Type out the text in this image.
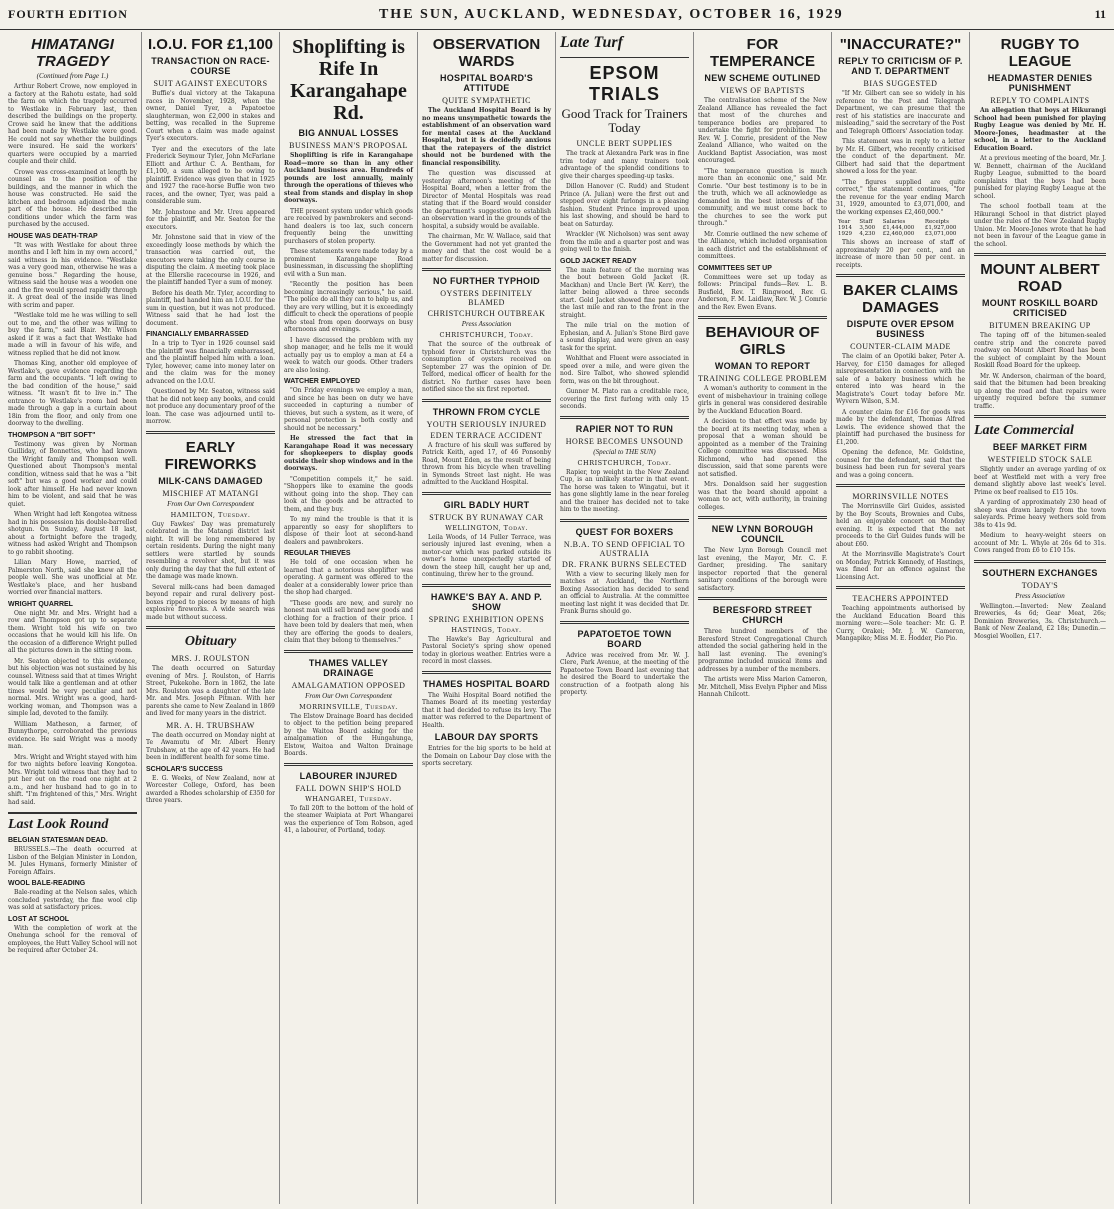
FOURTH EDITION	THE SUN, AUCKLAND, WEDNESDAY, OCTOBER 16, 1929	11
HIMATANGI TRAGEDY
(Continued from Page 1.)

Arthur Robert Crowe, now employed in a factory at the Rahotu estate, had sold the farm on which the tragedy occurred to Westlake in February last, then described the buildings on the property. Crowe said he knew that the additions had been made by Westlake were good. He could not say whether the buildings were insured. He said the workers' quarters were occupied by a married couple and their child.

Crowe was cross-examined at length by counsel as to the position of the buildings, and the manner in which the house was constructed. He said the kitchen and bedroom adjoined the main part of the house. He described the conditions under which the farm was purchased by the accused.

HOUSE WAS DEATH-TRAP

"It was with Westlake for about three months and I left him in my own accord," said witness in his evidence. "Westlake was a very good man, otherwise he was a genuine boss." Regarding the house, witness said the house was a wooden one and the fire would spread rapidly through it. A great deal of the inside was lined with scrim and paper.

"Westlake told me he was willing to sell out to me, and the other was willing to buy the farm," said Blair. Mr. Wilson asked if it was a fact that Westlake had made a will in favour of his wife, and witness replied that he did not know.

Thomas King, another old employee of Westlake's, gave evidence regarding the farm and the occupants. "I left owing to the bad condition of the house," said witness. "It wasn't fit to live in." The entrance to Westlake's room had been made through a gap in a curtain about 18in from the floor, and only from one doorway to the dwelling.

THOMPSON A "BIT SOFT"

Testimony was given by Norman Guilliday, of Bonnettes, who had known the Wright family and Thompson well. Questioned about Thompson's mental condition, witness said that he was a "bit soft" but was a good worker and could look after himself. He had never known him to be violent, and said that he was quiet.

When Wright had left Kongotea witness had in his possession his double-barrelled shotgun. On Sunday, August 18 last, about a fortnight before the tragedy, witness had asked Wright and Thompson to go rabbit shooting.

Lilian Mary Howe, married, of Palmerston North, said she knew all the people well. She was unofficial at Mr. Westlake's place, and her husband worried over financial matters.

WRIGHT QUARREL

One night Mr. and Mrs. Wright had a row and Thompson got up to separate them. Wright told his wife on two occasions that he would kill his life. On the occasion of a difference Wright pulled all the pictures down in the sitting room.

Mr. Seaton objected to this evidence, but his objection was not sustained by his counsel. Witness said that at times Wright would talk like a gentleman and at other times would be very peculiar and not normal. Mrs. Wright was a good, hard-working woman, and Thompson was a simple lad, devoted to the family.

William Matheson, a farmer, of Bunnythorpe, corroborated the previous evidence. He said Wright was a moody man.

Mrs. Wright and Wright stayed with him for two nights before leaving Kongotea. Mrs. Wright told witness that they had to put her out on the road one night at 2 a.m., and her husband had to go in to shift. "I'm frightened of this," Mrs. Wright had said.

Last Look Round
BELGIAN STATESMAN DEAD.

BRUSSELS.—The death occurred at Lisbon of the Belgian Minister in London, M. Jules Hymans, formerly Minister of Foreign Affairs.

WOOL BALE-READING

Bale-reading at the Nelson sales, which concluded yesterday, the fine wool clip was sold at satisfactory prices.

LOST AT SCHOOL

With the completion of work at the Onehunga school for the removal of employees, the Hutt Valley School will not be required after October 24.

I.O.U. FOR £1,100
TRANSACTION ON RACE-COURSE
SUIT AGAINST EXECUTORS

Buffie's dual victory at the Takapuna races in November, 1928, when the owner, Daniel Tyer, a Papatoetoe slaughterman, won £2,000 in stakes and betting, was recalled in the Supreme Court when a claim was made against Tyer's executors.

Tyer and the executors of the late Frederick Seymour Tyler, John McFarlane Elliott and Arthur C. A. Bentham, for £1,100, a sum alleged to be owing to plaintiff. Evidence was given that in 1925 and 1927 the race-horse Buffie won two races, and the owner, Tyer, was paid a considerable sum.

Mr. Johnstone and Mr. Ureu appeared for the plaintiff, and Mr. Seaton for the executors.

Mr. Johnstone said that in view of the exceedingly loose methods by which the transaction was carried out, the executors were taking the only course in disputing the claim. A meeting took place at the Ellerslie racecourse in 1926, and the plaintiff handed Tyer a sum of money.

Before his death Mr. Tyler, according to plaintiff, had handed him an I.O.U. for the sum in question, but it was not produced. Witness said that he had lost the document.

FINANCIALLY EMBARRASSED

In a trip to Tyer in 1926 counsel said the plaintiff was financially embarrassed, and the plaintiff helped him with a loan. Tyler, however, came into money later on and the claim was for the money advanced on the I.O.U.

Questioned by Mr. Seaton, witness said that he did not keep any books, and could not produce any documentary proof of the loan. The case was adjourned until to-morrow.

EARLY FIREWORKS
MILK-CANS DAMAGED
MISCHIEF AT MATANGI
From Our Own Correspondent
HAMILTON, Tuesday.

Guy Fawkes' Day was prematurely celebrated in the Matangi district last night. It will be long remembered by certain residents. During the night many settlers were startled by sounds resembling a revolver shot, but it was only during the day that the full extent of the damage was made known.

Several milk-cans had been damaged beyond repair and rural delivery post-boxes ripped to pieces by means of high explosive fireworks. A wide search was made but without success.

Obituary
MRS. J. ROULSTON

The death occurred on Saturday evening of Mrs. J. Roulston, of Harris Street, Pukekohe. Born in 1862, the late Mrs. Roulston was a daughter of the late Mr. and Mrs. Joseph Pitman. With her parents she came to New Zealand in 1869 and lived for many years in the district.

MR. A. H. TRUBSHAW

The death occurred on Monday night at Te Awamutu of Mr. Albert Henry Trubshaw, at the age of 42 years. He had been in indifferent health for some time.

SCHOLAR'S SUCCESS

E. G. Weeks, of New Zealand, now at Worcester College, Oxford, has been awarded a Rhodes scholarship of £350 for three years.

Shoplifting is Rife In Karangahape Rd.
BIG ANNUAL LOSSES
BUSINESS MAN'S PROPOSAL

Shoplifting is rife in Karangahape Road—more so than in any other Auckland business area. Hundreds of pounds are lost annually, mainly through the operations of thieves who steal from stands and display in shop doorways.

THE present system under which goods are received by pawnbrokers and second-hand dealers is too lax, such concern frequently being the unwitting purchasers of stolen property.

These statements were made today by a prominent Karangahape Road businessman, in discussing the shoplifting evil with a Sun man.

"Recently the position has been becoming increasingly serious," he said. "The police do all they can to help us, and they are very willing, but it is exceedingly difficult to check the operations of people who steal from open doorways on busy afternoons and evenings.

I have discussed the problem with my shop manager, and he tells me it would actually pay us to employ a man at £4 a week to watch our goods. Other traders are also losing.

WATCHER EMPLOYED

"On Friday evenings we employ a man, and since he has been on duty we have succeeded in capturing a number of thieves, but such a system, as it were, of personal protection is both costly and should not be necessary."

He stressed the fact that in Karangahape Road it was necessary for shopkeepers to display goods outside their shop windows and in the doorways.

"Competition compels it," he said. "Shoppers like to examine the goods without going into the shop. They can look at the goods and be attracted to them, and they buy.

To my mind the trouble is that it is apparently so easy for shoplifters to dispose of their loot at second-hand dealers and pawnbrokers.

REGULAR THIEVES

He told of one occasion when he learned that a notorious shoplifter was operating. A garment was offered to the dealer at a considerably lower price than the shop had charged.

"These goods are new, and surely no honest man will sell brand new goods and clothing for a fraction of their price. I have been told by dealers that men, when they are offering the goods to dealers, claim that they belong to themselves."

THAMES VALLEY DRAINAGE
AMALGAMATION OPPOSED
From Our Own Correspondent
MORRINSVILLE, Tuesday.

The Elstow Drainage Board has decided to object to the petition being prepared by the Waitoa Board asking for the amalgamation of the Hungahunga, Elstow, Waitoa and Walton Drainage Boards.

LABOURER INJURED
FALL DOWN SHIP'S HOLD
WHANGAREI, Tuesday.

To fall 20ft to the bottom of the hold of the steamer Waipiata at Port Whangarei was the experience of Tom Robson, aged 41, a labourer, of Portland, today.

OBSERVATION WARDS
HOSPITAL BOARD'S ATTITUDE
QUITE SYMPATHETIC

The Auckland Hospital Board is by no means unsympathetic towards the establishment of an observation ward for mental cases at the Auckland Hospital, but it is decidedly anxious that the ratepayers of the district should not be burdened with the financial responsibility.

The question was discussed at yesterday afternoon's meeting of the Hospital Board, when a letter from the Director of Mental Hospitals was read stating that if the Board would consider the department's suggestion to establish an observation ward in the grounds of the hospital, a subsidy would be available.

The chairman, Mr. W. Wallace, said that the Government had not yet granted the money and that the cost would be a matter for discussion.

NO FURTHER TYPHOID
OYSTERS DEFINITELY BLAMED
CHRISTCHURCH OUTBREAK
Press Association
CHRISTCHURCH, Today.

That the source of the outbreak of typhoid fever in Christchurch was the consumption of oysters received on September 27 was the opinion of Dr. Telford, medical officer of health for the district. No further cases have been notified since the six first reported.

THROWN FROM CYCLE
YOUTH SERIOUSLY INJURED
EDEN TERRACE ACCIDENT

A fracture of his skull was suffered by Patrick Keith, aged 17, of 46 Ponsonby Road, Mount Eden, as the result of being thrown from his bicycle when travelling in Symonds Street last night. He was admitted to the Auckland Hospital.

GIRL BADLY HURT
STRUCK BY RUNAWAY CAR
WELLINGTON, Today.

Leila Woods, of 14 Fuller Terrace, was seriously injured last evening, when a motor-car which was parked outside its owner's home unexpectedly started of down the steep hill, caught her up and, continuing, threw her to the ground.

HAWKE'S BAY A. AND P. SHOW
SPRING EXHIBITION OPENS
HASTINGS, Today.

The Hawke's Bay Agricultural and Pastoral Society's spring show opened today in glorious weather. Entries were a record in most classes.

THAMES HOSPITAL BOARD

The Waihi Hospital Board notified the Thames Board at its meeting yesterday that it had decided to refuse its levy. The matter was referred to the Department of Health.

LABOUR DAY SPORTS

Entries for the big sports to be held at the Domain on Labour Day close with the sports secretary.

Late Turf
EPSOM TRIALS
Good Track for Trainers Today
UNCLE BERT SUPPLIES

The track at Alexandra Park was in fine trim today and many trainers took advantage of the splendid conditions to give their charges speeding-up tasks.

Dillon Hanover (C. Rudd) and Student Prince (A. Julian) were the first out and stepped over eight furlongs in a pleasing fashion. Student Prince improved upon his last showing, and should be hard to beat on Saturday.

Wrackler (W. Nicholson) was sent away from the mile and a quarter post and was going well to the finish.

GOLD JACKET READY

The main feature of the morning was the bout between Gold Jacket (R. Mackhan) and Uncle Bert (W. Kerr), the latter being allowed a three seconds start. Gold Jacket showed fine pace over the last mile and ran to the front in the straight.

The mile trial on the motion of Ephesian, and A. Julian's Stone Bird gave a sound display, and were given an easy task for the sprint.

Wohlthat and Fluent were associated in speed over a mile, and were given the nod. Sire Talbot, who showed splendid form, was on the bit throughout.

Gunner M. Plato ran a creditable race, covering the first furlong with only 15 seconds.

RAPIER NOT TO RUN
HORSE BECOMES UNSOUND
(Special to THE SUN)
CHRISTCHURCH, Today.

Rapier, top weight in the New Zealand Cup, is an unlikely starter in that event. The horse was taken to Wingatui, but it has gone slightly lame in the near foreleg and the trainer has decided not to take him to the meeting.

QUEST FOR BOXERS
N.B.A. TO SEND OFFICIAL TO AUSTRALIA
DR. FRANK BURNS SELECTED

With a view to securing likely men for matches at Auckland, the Northern Boxing Association has decided to send an official to Australia. At the committee meeting last night it was decided that Dr. Frank Burns should go.

PAPATOETOE TOWN BOARD

Advice was received from Mr. W. J. Clere, Park Avenue, at the meeting of the Papatoetoe Town Board last evening that he desired the Board to undertake the construction of a footpath along his property.

FOR TEMPERANCE
NEW SCHEME OUTLINED
VIEWS OF BAPTISTS

The centralisation scheme of the New Zealand Alliance has revealed the fact that most of the churches and temperance bodies are prepared to undertake the fight for prohibition. The Rev. W. J. Comrie, president of the New Zealand Alliance, who waited on the Auckland Baptist Association, was most encouraged.

"The temperance question is much more than an economic one," said Mr. Comrie. "Our best testimony is to be in the truth, which we all acknowledge as demanded in the best interests of the community, and we must come back to the churches to see the work put through."

Mr. Comrie outlined the new scheme of the Alliance, which included organisation in each district and the establishment of committees.

COMMITTEES SET UP

Committees were set up today as follows: Principal funds—Rev. L. B. Busfield, Rev. T. Ringwood, Rev. G. Anderson, F. M. Laidlaw, Rev. W. J. Comrie and the Rev. Ewen Evans.

BEHAVIOUR OF GIRLS
WOMAN TO REPORT
TRAINING COLLEGE PROBLEM

A woman's authority to comment in the event of misbehaviour in training college girls in general was considered desirable by the Auckland Education Board.

A decision to that effect was made by the board at its meeting today, when a proposal that a woman should be appointed as a member of the Training College committee was discussed. Miss Richmond, who had opened the discussion, said that some parents were not satisfied.

Mrs. Donaldson said her suggestion was that the board should appoint a woman to act, with authority, in training colleges.

NEW LYNN BOROUGH COUNCIL

The New Lynn Borough Council met last evening, the Mayor, Mr. C. F. Gardner, presiding. The sanitary inspector reported that the general sanitary conditions of the borough were satisfactory.

BERESFORD STREET CHURCH

Three hundred members of the Beresford Street Congregational Church attended the social gathering held in the hall last evening. The evening's programme included musical items and addresses by a number of the members.

The artists were Miss Marion Cameron, Mr. Mitchell, Miss Evelyn Pipher and Miss Hannah Chilcott.

"INACCURATE?"
REPLY TO CRITICISM OF P. AND T. DEPARTMENT
BIAS SUGGESTED

"If Mr. Gilbert can see so widely in his reference to the Post and Telegraph Department, we can presume that the rest of his statistics are inaccurate and misleading," said the secretary of the Post and Telegraph Officers' Association today.

This statement was in reply to a letter by Mr. H. Gilbert, who recently criticised the conduct of the department. Mr. Gilbert had said that the department showed a loss for the year.

"The figures supplied are quite correct," the statement continues, "for the revenue for the year ending March 31, 1929, amounted to £3,071,000, and the working expenses £2,460,000."

Year	Staff	Salaries	Receipts
1914	3,500	£1,444,000	£1,927,000
1929	4,230	£2,460,000	£3,071,000

This shows an increase of staff of approximately 20 per cent., and an increase of more than 50 per cent. in receipts.

BAKER CLAIMS DAMAGES
DISPUTE OVER EPSOM BUSINESS
COUNTER-CLAIM MADE

The claim of an Opotiki baker, Peter A. Harvey, for £150 damages for alleged misrepresentation in connection with the sale of a bakery business which he entered into was heard in the Magistrate's Court today before Mr. Wyvern Wilson, S.M.

A counter claim for £16 for goods was made by the defendant, Thomas Alfred Lewis. The evidence showed that the plaintiff had purchased the business for £1,200.

Opening the defence, Mr. Goldstine, counsel for the defendant, said that the business had been run for several years and was a going concern.

MORRINSVILLE NOTES

The Morrinsville Girl Guides, assisted by the Boy Scouts, Brownies and Cubs, held an enjoyable concert on Monday evening. It is expected that the net proceeds to the Girl Guides funds will be about £60.

At the Morrinsville Magistrate's Court on Monday, Patrick Kennedy, of Hastings, was fined for an offence against the Licensing Act.

TEACHERS APPOINTED

Teaching appointments authorised by the Auckland Education Board this morning were:—Sole teacher: Mr. G. P. Curry, Orakei; Mr. J. W. Cameron, Mangapiko; Miss M. E. Hodder, Pio Pio.

RUGBY TO LEAGUE
HEADMASTER DENIES PUNISHMENT
REPLY TO COMPLAINTS

An allegation that boys at Hikurangi School had been punished for playing Rugby League was denied by Mr. H. Moore-Jones, headmaster at the school, in a letter to the Auckland Education Board.

At a previous meeting of the board, Mr. J. W. Bennett, chairman of the Auckland Rugby League, submitted to the board complaints that the boys had been punished for playing Rugby League at the school.

The school football team at the Hikurangi School in that district played under the rules of the New Zealand Rugby Union. Mr. Moore-Jones wrote that he had not been in favour of the League game in the school.

MOUNT ALBERT ROAD
MOUNT ROSKILL BOARD CRITICISED
BITUMEN BREAKING UP

The taping off of the bitumen-sealed centre strip and the concrete paved roadway on Mount Albert Road has been the subject of complaint by the Mount Roskill Road Board for the upkeep.

Mr. W. Anderson, chairman of the board, said that the bitumen had been breaking up along the road and that repairs were urgently required before the summer traffic.

Late Commercial
BEEF MARKET FIRM
WESTFIELD STOCK SALE

Slightly under an average yarding of ox beef at Westfield met with a very free demand slightly above last week's level. Prime ox beef realised to £15 10s.

A yarding of approximately 230 head of sheep was drawn largely from the town saleyards. Prime heavy wethers sold from 38s to 41s 9d.

Medium to heavy-weight steers on account of Mr. L. Whyle at 26s 6d to 31s. Cows ranged from £6 to £10 15s.

SOUTHERN EXCHANGES
TODAY'S
Press Association

Wellington.—Inverted: New Zealand Breweries, 4s 6d; Gear Meat, 26s; Dominion Breweries, 3s. Christchurch.—Bank of New Zealand, £2 18s; Dunedin.—Mosgiel Woollen, £17.
